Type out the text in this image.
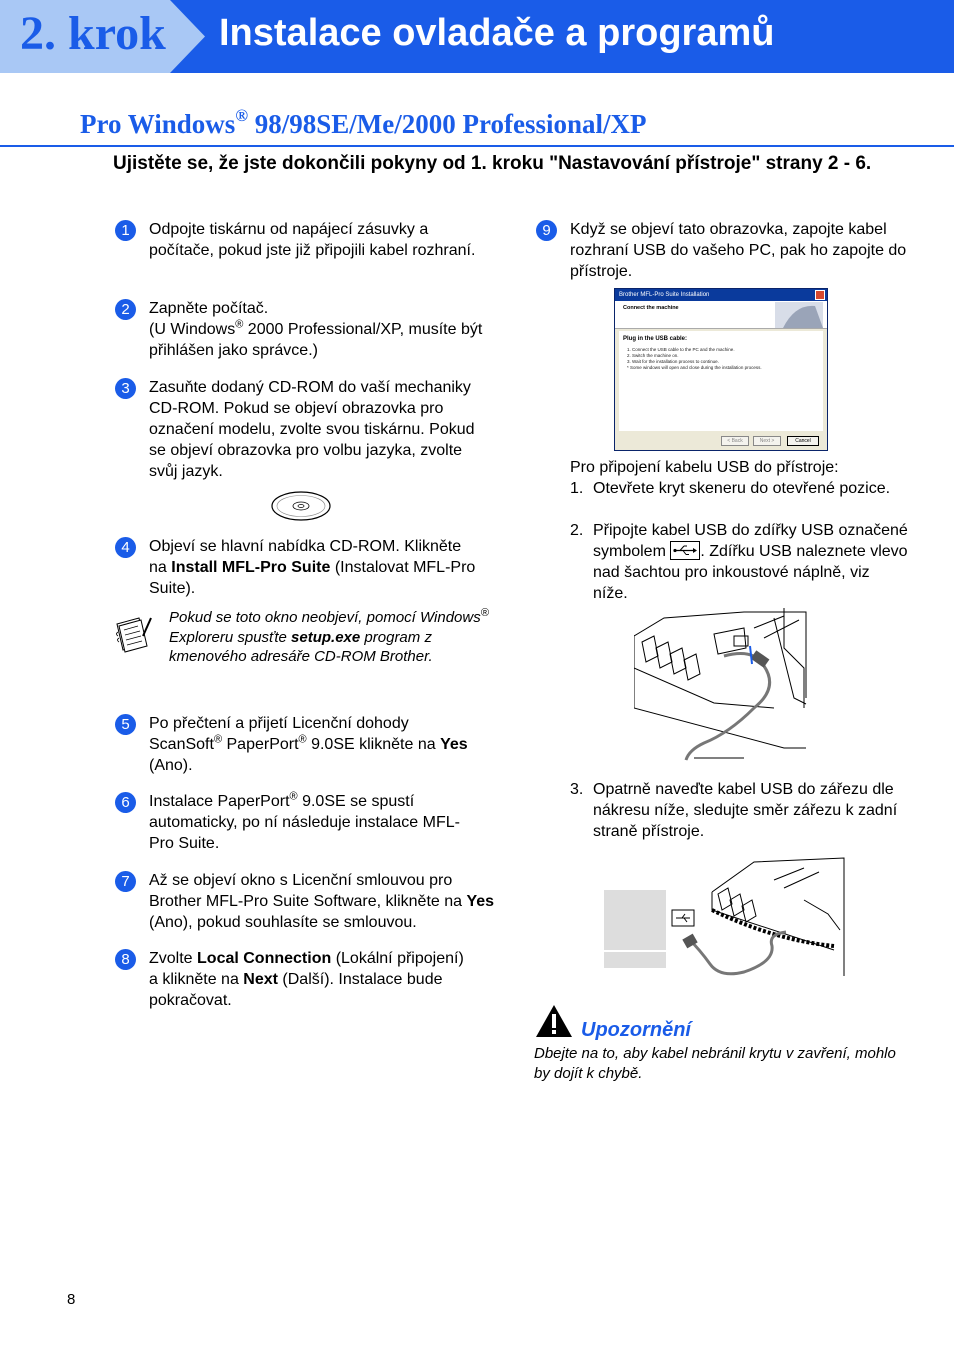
2. krok Instalace ovladače a programů
Pro Windows® 98/98SE/Me/2000 Professional/XP
Ujistěte se, že jste dokončili pokyny od 1. kroku "Nastavování přístroje" strany 2 - 6.
1	Odpojte tiskárnu od napájecí zásuvky a počítače, pokud jste již připojili kabel rozhraní.
2	Zapněte počítač.
(U Windows® 2000 Professional/XP, musíte být přihlášen jako správce.)
3	Zasuňte dodaný CD-ROM do vaší mechaniky CD-ROM. Pokud se objeví obrazovka pro označení modelu, zvolte svou tiskárnu. Pokud se objeví obrazovka pro volbu jazyka, zvolte svůj jazyk.
4	Objeví se hlavní nabídka CD-ROM. Klikněte na Install MFL-Pro Suite (Instalovat MFL-Pro Suite).
Pokud se toto okno neobjeví, pomocí Windows® Exploreru spusťte setup.exe program z kmenového adresáře CD-ROM Brother.
5	Po přečtení a přijetí Licenční dohody ScanSoft® PaperPort® 9.0SE klikněte na Yes (Ano).
6	Instalace PaperPort® 9.0SE se spustí automaticky, po ní následuje instalace MFL-Pro Suite.
7	Až se objeví okno s Licenční smlouvou pro Brother MFL-Pro Suite Software, klikněte na Yes (Ano), pokud souhlasíte se smlouvou.
8	Zvolte Local Connection (Lokální připojení) a klikněte na Next (Další). Instalace bude pokračovat.
9	Když se objeví tato obrazovka, zapojte kabel rozhraní USB do vašeho PC, pak ho zapojte do přístroje.
Brother MFL-Pro Suite Installation
Connect the machine
Plug in the USB cable:
1. Connect the USB cable to the PC and the machine.
2. Switch the machine on.
3. Wait for the installation process to continue.
* Some windows will open and close during the installation process.
< Back	Next >	Cancel
Pro připojení kabelu USB do přístroje:
1. Otevřete kryt skeneru do otevřené pozice.
2. Připojte kabel USB do zdířky USB označené symbolem . Zdířku USB naleznete vlevo nad šachtou pro inkoustové náplně, viz níže.
3. Opatrně naveďte kabel USB do zářezu dle nákresu níže, sledujte směr zářezu k zadní straně přístroje.
Upozornění
Dbejte na to, aby kabel nebránil krytu v zavření, mohlo by dojít k chybě.
8
